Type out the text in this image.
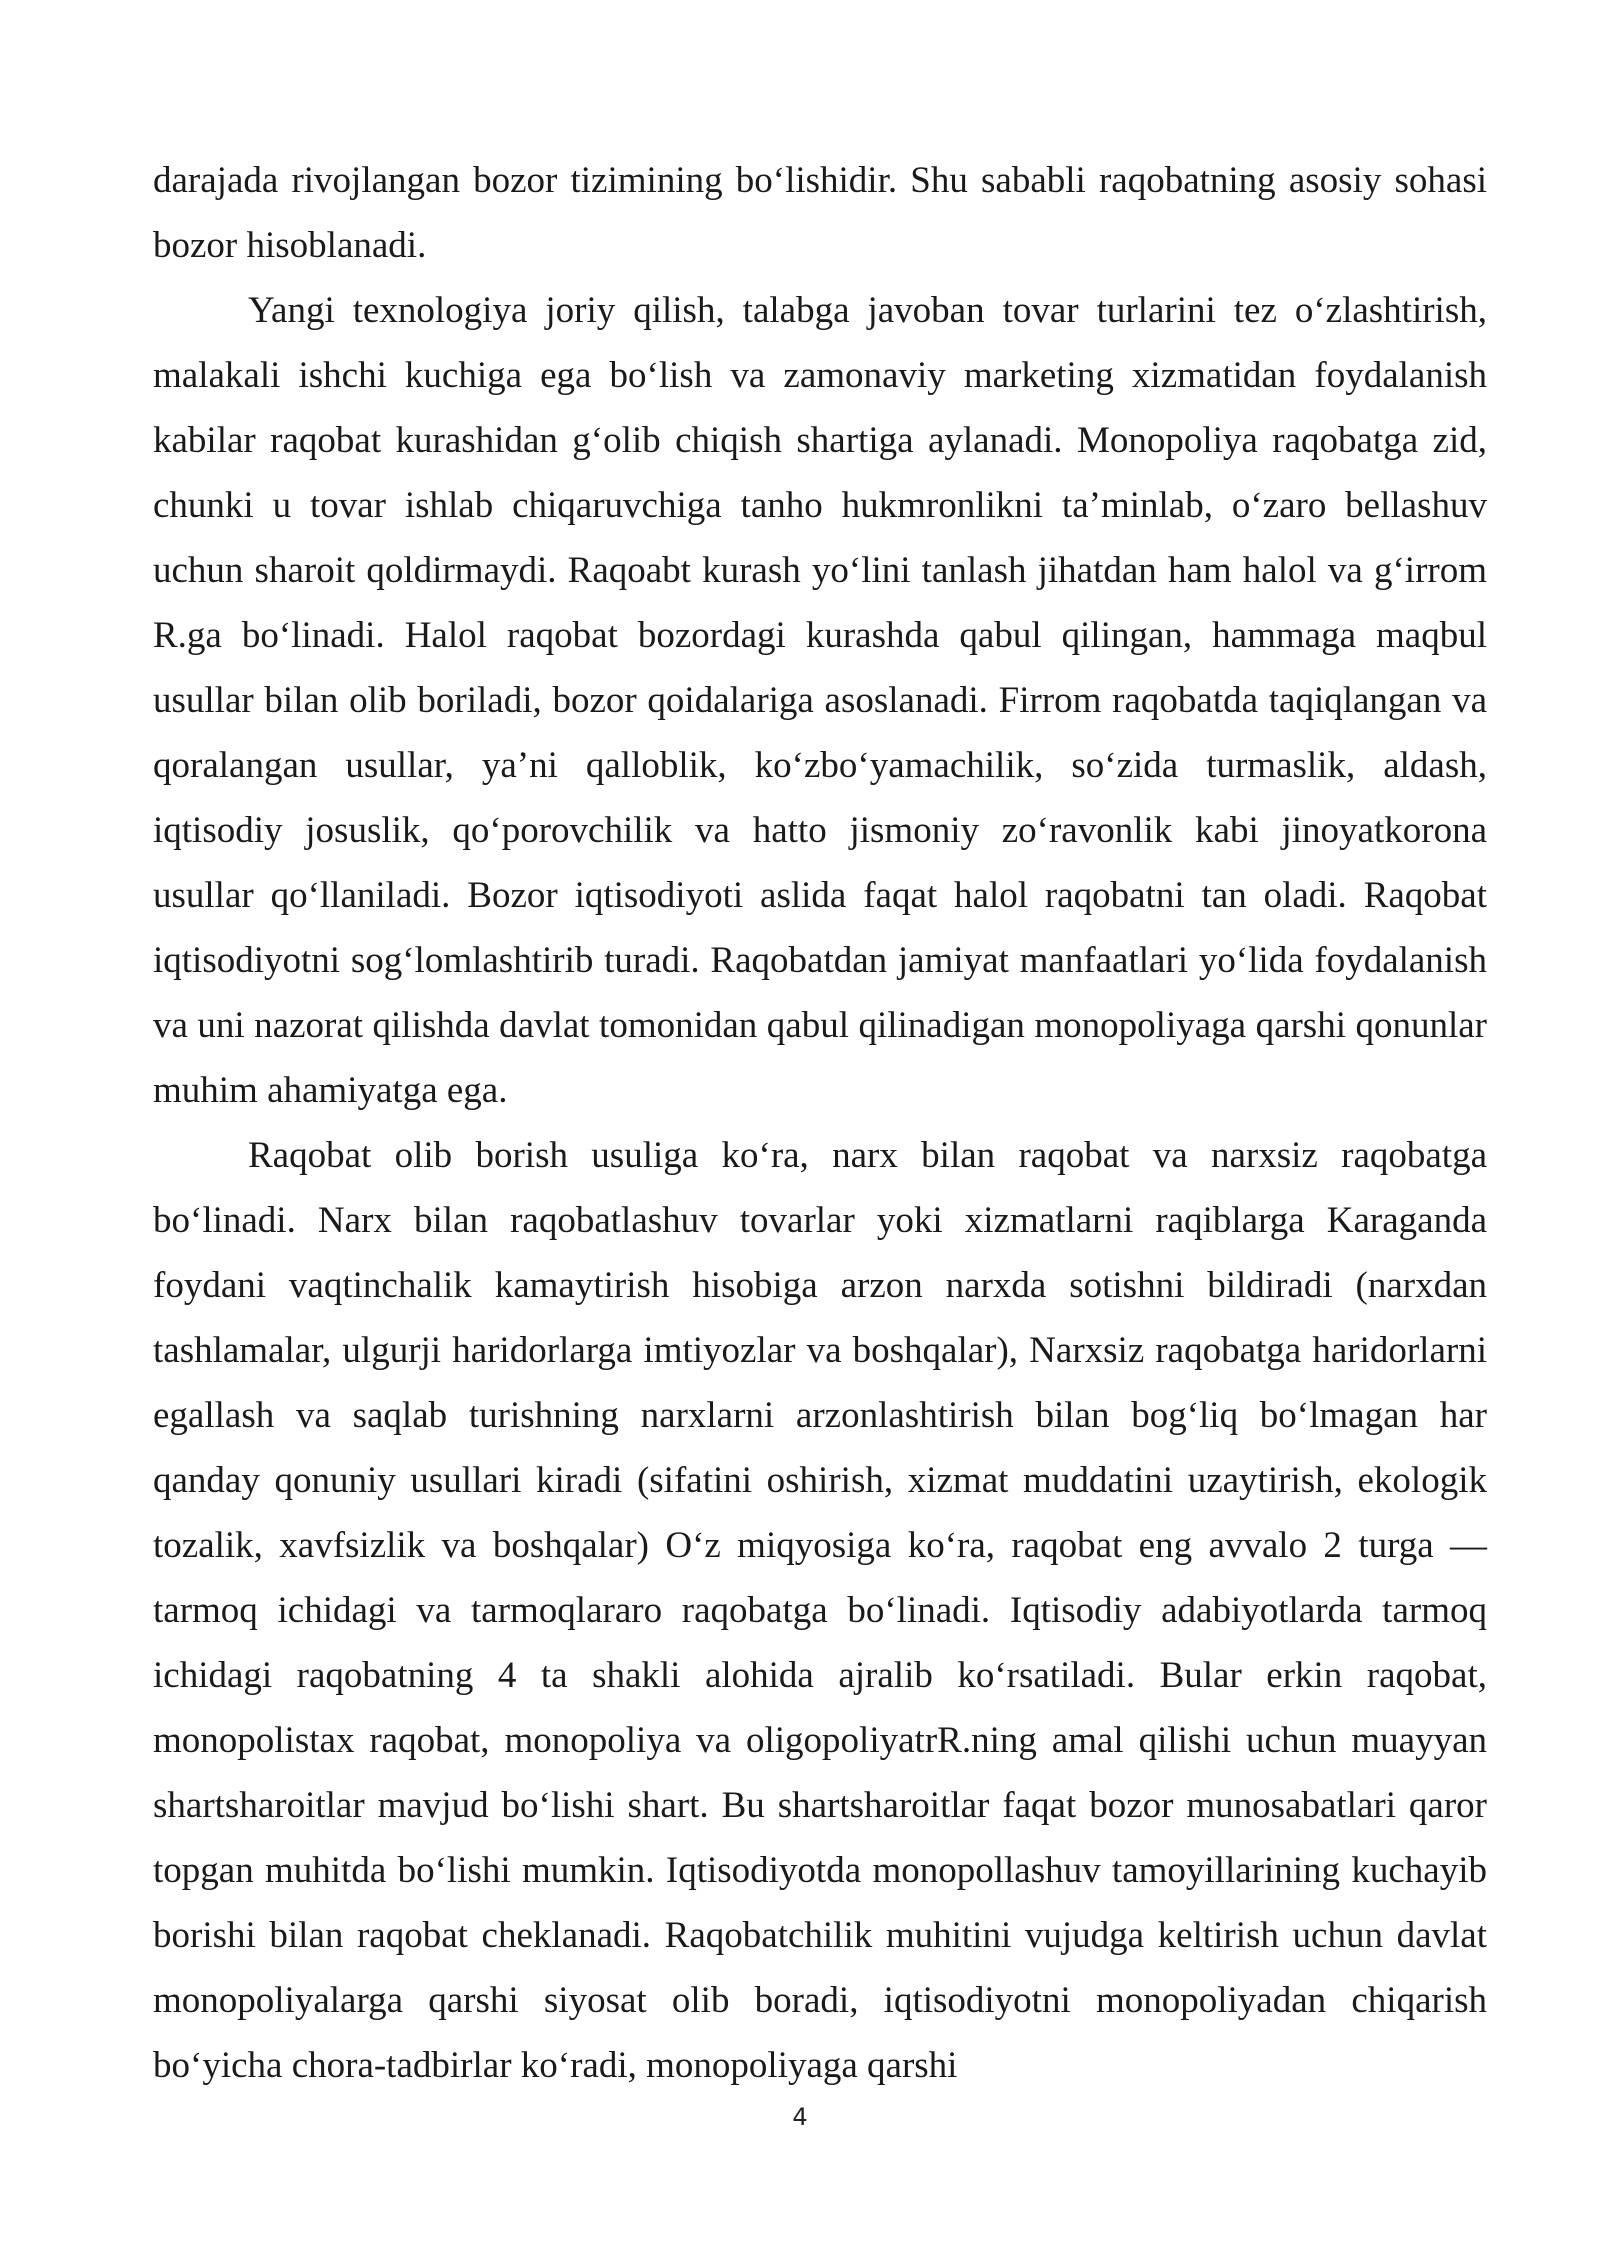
darajada rivojlangan bozor tizimining bo‘lishidir. Shu sababli raqobatning asosiy sohasi bozor hisoblanadi.

Yangi texnologiya joriy qilish, talabga javoban tovar turlarini tez o‘zlashtirish, malakali ishchi kuchiga ega bo‘lish va zamonaviy marketing xizmatidan foydalanish kabilar raqobat kurashidan g‘olib chiqish shartiga aylanadi. Monopoliya raqobatga zid, chunki u tovar ishlab chiqaruvchiga tanho hukmronlikni ta’minlab, o‘zaro bellashuv uchun sharoit qoldirmaydi. Raqoabt kurash yo‘lini tanlash jihatdan ham halol va g‘irrom R.ga bo‘linadi. Halol raqobat bozordagi kurashda qabul qilingan, hammaga maqbul usullar bilan olib boriladi, bozor qoidalariga asoslanadi. Firrom raqobatda taqiqlangan va qoralangan usullar, ya’ni qalloblik, ko‘zbo‘yamachilik, so‘zida turmaslik, aldash, iqtisodiy josuslik, qo‘porovchilik va hatto jismoniy zo‘ravonlik kabi jinoyatkorona usullar qo‘llaniladi. Bozor iqtisodiyoti aslida faqat halol raqobatni tan oladi. Raqobat iqtisodiyotni sog‘lomlashtirib turadi. Raqobatdan jamiyat manfaatlari yo‘lida foydalanish va uni nazorat qilishda davlat tomonidan qabul qilinadigan monopoliyaga qarshi qonunlar muhim ahamiyatga ega.

Raqobat olib borish usuliga ko‘ra, narx bilan raqobat va narxsiz raqobatga bo‘linadi. Narx bilan raqobatlashuv tovarlar yoki xizmatlarni raqiblarga Karaganda foydani vaqtinchalik kamaytirish hisobiga arzon narxda sotishni bildiradi (narxdan tashlamalar, ulgurji haridorlarga imtiyozlar va boshqalar), Narxsiz raqobatga haridorlarni egallash va saqlab turishning narxlarni arzonlashtirish bilan bog‘liq bo‘lmagan har qanday qonuniy usullari kiradi (sifatini oshirish, xizmat muddatini uzaytirish, ekologik tozalik, xavfsizlik va boshqalar) O‘z miqyosiga ko‘ra, raqobat eng avvalo 2 turga — tarmoq ichidagi va tarmoqlararo raqobatga bo‘linadi. Iqtisodiy adabiyotlarda tarmoq ichidagi raqobatning 4 ta shakli alohida ajralib ko‘rsatiladi. Bular erkin raqobat, monopolistax raqobat, monopoliya va oligopoliyatrR.ning amal qilishi uchun muayyan shartsharoitlar mavjud bo‘lishi shart. Bu shartsharoitlar faqat bozor munosabatlari qaror topgan muhitda bo‘lishi mumkin. Iqtisodiyotda monopollashuv tamoyillarining kuchayib borishi bilan raqobat cheklanadi. Raqobatchilik muhitini vujudga keltirish uchun davlat monopoliyalarga qarshi siyosat olib boradi, iqtisodiyotni monopoliyadan chiqarish bo‘yicha chora-tadbirlar ko‘radi, monopoliyaga qarshi

4
